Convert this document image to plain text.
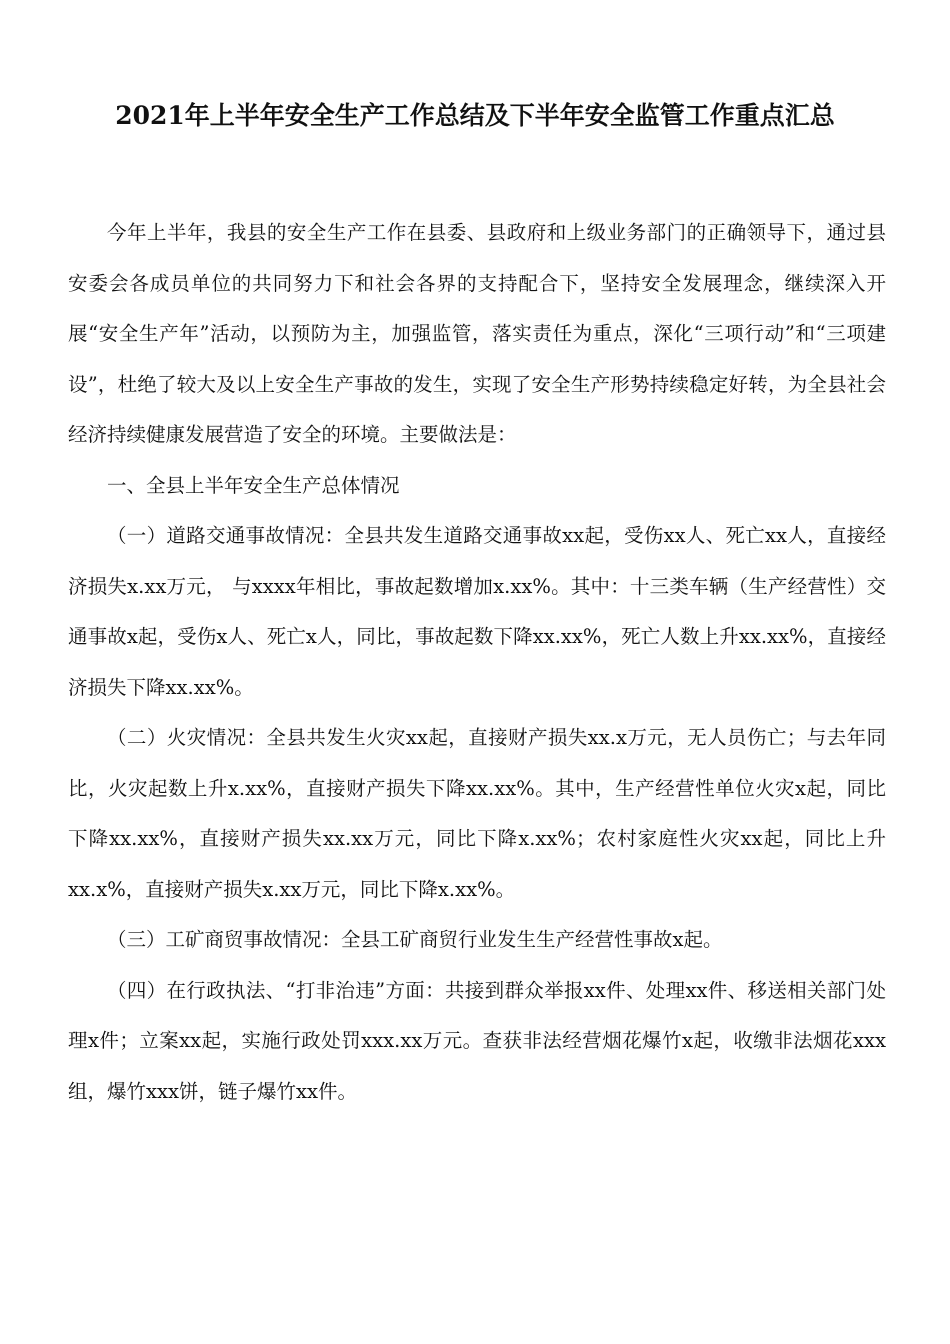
2021年上半年安全生产工作总结及下半年安全监管工作重点汇总

今年上半年，我县的安全生产工作在县委、县政府和上级业务部门的正确领导下，通过县安委会各成员单位的共同努力下和社会各界的支持配合下，坚持安全发展理念，继续深入开展“安全生产年”活动，以预防为主，加强监管，落实责任为重点，深化“三项行动”和“三项建设”，杜绝了较大及以上安全生产事故的发生，实现了安全生产形势持续稳定好转，为全县社会经济持续健康发展营造了安全的环境。主要做法是：

一、全县上半年安全生产总体情况

（一）道路交通事故情况：全县共发生道路交通事故xx起，受伤xx人、死亡xx人，直接经济损失x.xx万元， 与xxxx年相比，事故起数增加x.xx%。其中：十三类车辆（生产经营性）交通事故x起，受伤x人、死亡x人，同比，事故起数下降xx.xx%，死亡人数上升xx.xx%，直接经济损失下降xx.xx%。

（二）火灾情况：全县共发生火灾xx起，直接财产损失xx.x万元，无人员伤亡；与去年同比，火灾起数上升x.xx%，直接财产损失下降xx.xx%。其中，生产经营性单位火灾x起，同比下降xx.xx%，直接财产损失xx.xx万元，同比下降x.xx%；农村家庭性火灾xx起，同比上升xx.x%，直接财产损失x.xx万元，同比下降x.xx%。

（三）工矿商贸事故情况：全县工矿商贸行业发生生产经营性事故x起。

（四）在行政执法、“打非治违”方面：共接到群众举报xx件、处理xx件、移送相关部门处理x件；立案xx起，实施行政处罚xxx.xx万元。查获非法经营烟花爆竹x起，收缴非法烟花xxx组，爆竹xxx饼，链子爆竹xx件。
